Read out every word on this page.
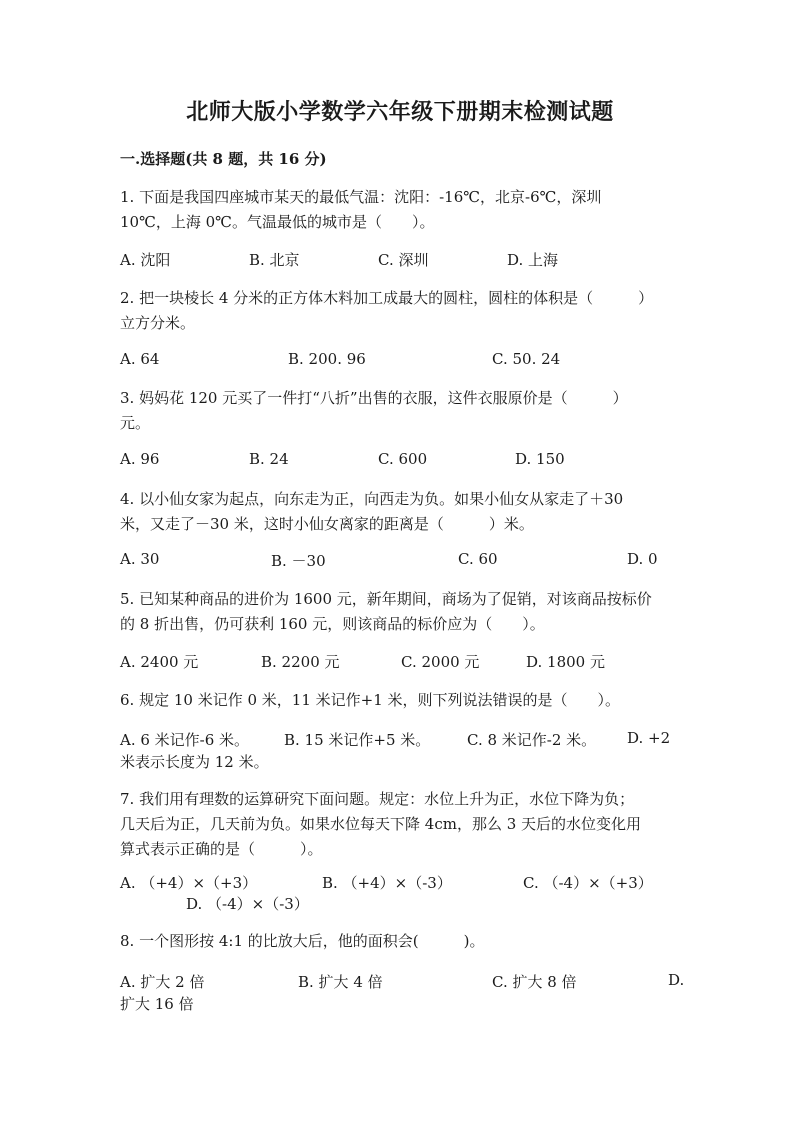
北师大版小学数学六年级下册期末检测试题
一.选择题(共 8 题，共 16 分)
1. 下面是我国四座城市某天的最低气温：沈阳：-16℃，北京-6℃，深圳
10℃，上海 0℃。气温最低的城市是（　　）。
A. 沈阳	B. 北京	C. 深圳	D. 上海
2. 把一块棱长 4 分米的正方体木料加工成最大的圆柱，圆柱的体积是（　　　）
立方分米。
A. 64	B. 200. 96	C. 50. 24
3. 妈妈花 120 元买了一件打“八折”出售的衣服，这件衣服原价是（　　　）
元。
A. 96	B. 24	C. 600	D. 150
4. 以小仙女家为起点，向东走为正，向西走为负。如果小仙女从家走了＋30
米，又走了－30 米，这时小仙女离家的距离是（　　　）米。
A. 30	B. －30	C. 60	D. 0
5. 已知某种商品的进价为 1600 元，新年期间，商场为了促销，对该商品按标价
的 8 折出售，仍可获利 160 元，则该商品的标价应为（　　）。
A. 2400 元	B. 2200 元	C. 2000 元	D. 1800 元
6. 规定 10 米记作 0 米，11 米记作+1 米，则下列说法错误的是（　　）。
A. 6 米记作-6 米。 B. 15 米记作+5 米。 C. 8 米记作-2 米。 D. +2
米表示长度为 12 米。
7. 我们用有理数的运算研究下面问题。规定：水位上升为正，水位下降为负；
几天后为正，几天前为负。如果水位每天下降 4cm，那么 3 天后的水位变化用
算式表示正确的是（　　　）。
A. （+4）×（+3）	B. （+4）×（-3）	C. （-4）×（+3）
D. （-4）×（-3）
8. 一个图形按 4:1 的比放大后，他的面积会(　　　)。
A. 扩大 2 倍	B. 扩大 4 倍	C. 扩大 8 倍	D.
扩大 16 倍
